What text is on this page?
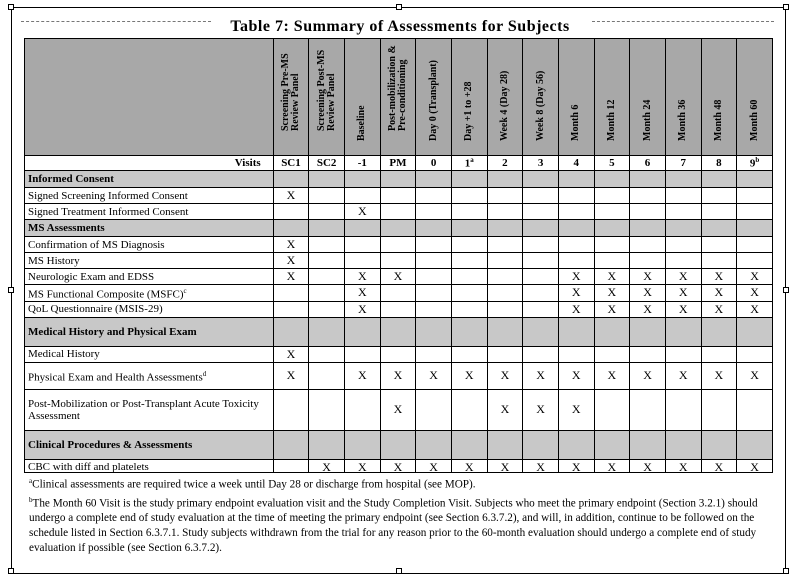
Table 7: Summary of Assessments for Subjects

	Screening Pre-MS Review Panel	Screening Post-MS Review Panel	Baseline	Post-mobilization & Pre-conditioning	Day 0 (Transplant)	Day +1 to +28	Week 4 (Day 28)	Week 8 (Day 56)	Month 6	Month 12	Month 24	Month 36	Month 48	Month 60

Visits	SC1	SC2	-1	PM	0	1$^a$	2	3	4	5	6	7	8	9$^b$
Informed Consent														
Signed Screening Informed Consent	X													
Signed Treatment Informed Consent			X											
MS Assessments														
Confirmation of MS Diagnosis	X													
MS History	X													
Neurologic Exam and EDSS	X		X	X					X	X	X	X	X	X
MS Functional Composite (MSFC)$^c$			X						X	X	X	X	X	X
QoL Questionnaire (MSIS-29)			X						X	X	X	X	X	X
Medical History and Physical Exam														
Medical History	X													
Physical Exam and Health Assessments$^d$	X		X	X	X	X	X	X	X	X	X	X	X	X
Post-Mobilization or Post-Transplant Acute Toxicity Assessment				X			X	X	X					
Clinical Procedures & Assessments														
CBC with diff and platelets		X	X	X	X	X	X	X	X	X	X	X	X	X

$^a$Clinical assessments are required twice a week until Day 28 or discharge from hospital (see MOP).

$^b$The Month 60 Visit is the study primary endpoint evaluation visit and the Study Completion Visit. Subjects who meet the primary endpoint (Section 3.2.1) should undergo a complete end of study evaluation at the time of meeting the primary endpoint (see Section 6.3.7.2), and will, in addition, continue to be followed on the schedule listed in Section 6.3.7.1. Study subjects withdrawn from the trial for any reason prior to the 60-month evaluation should undergo a complete end of study evaluation if possible (see Section 6.3.7.2).
